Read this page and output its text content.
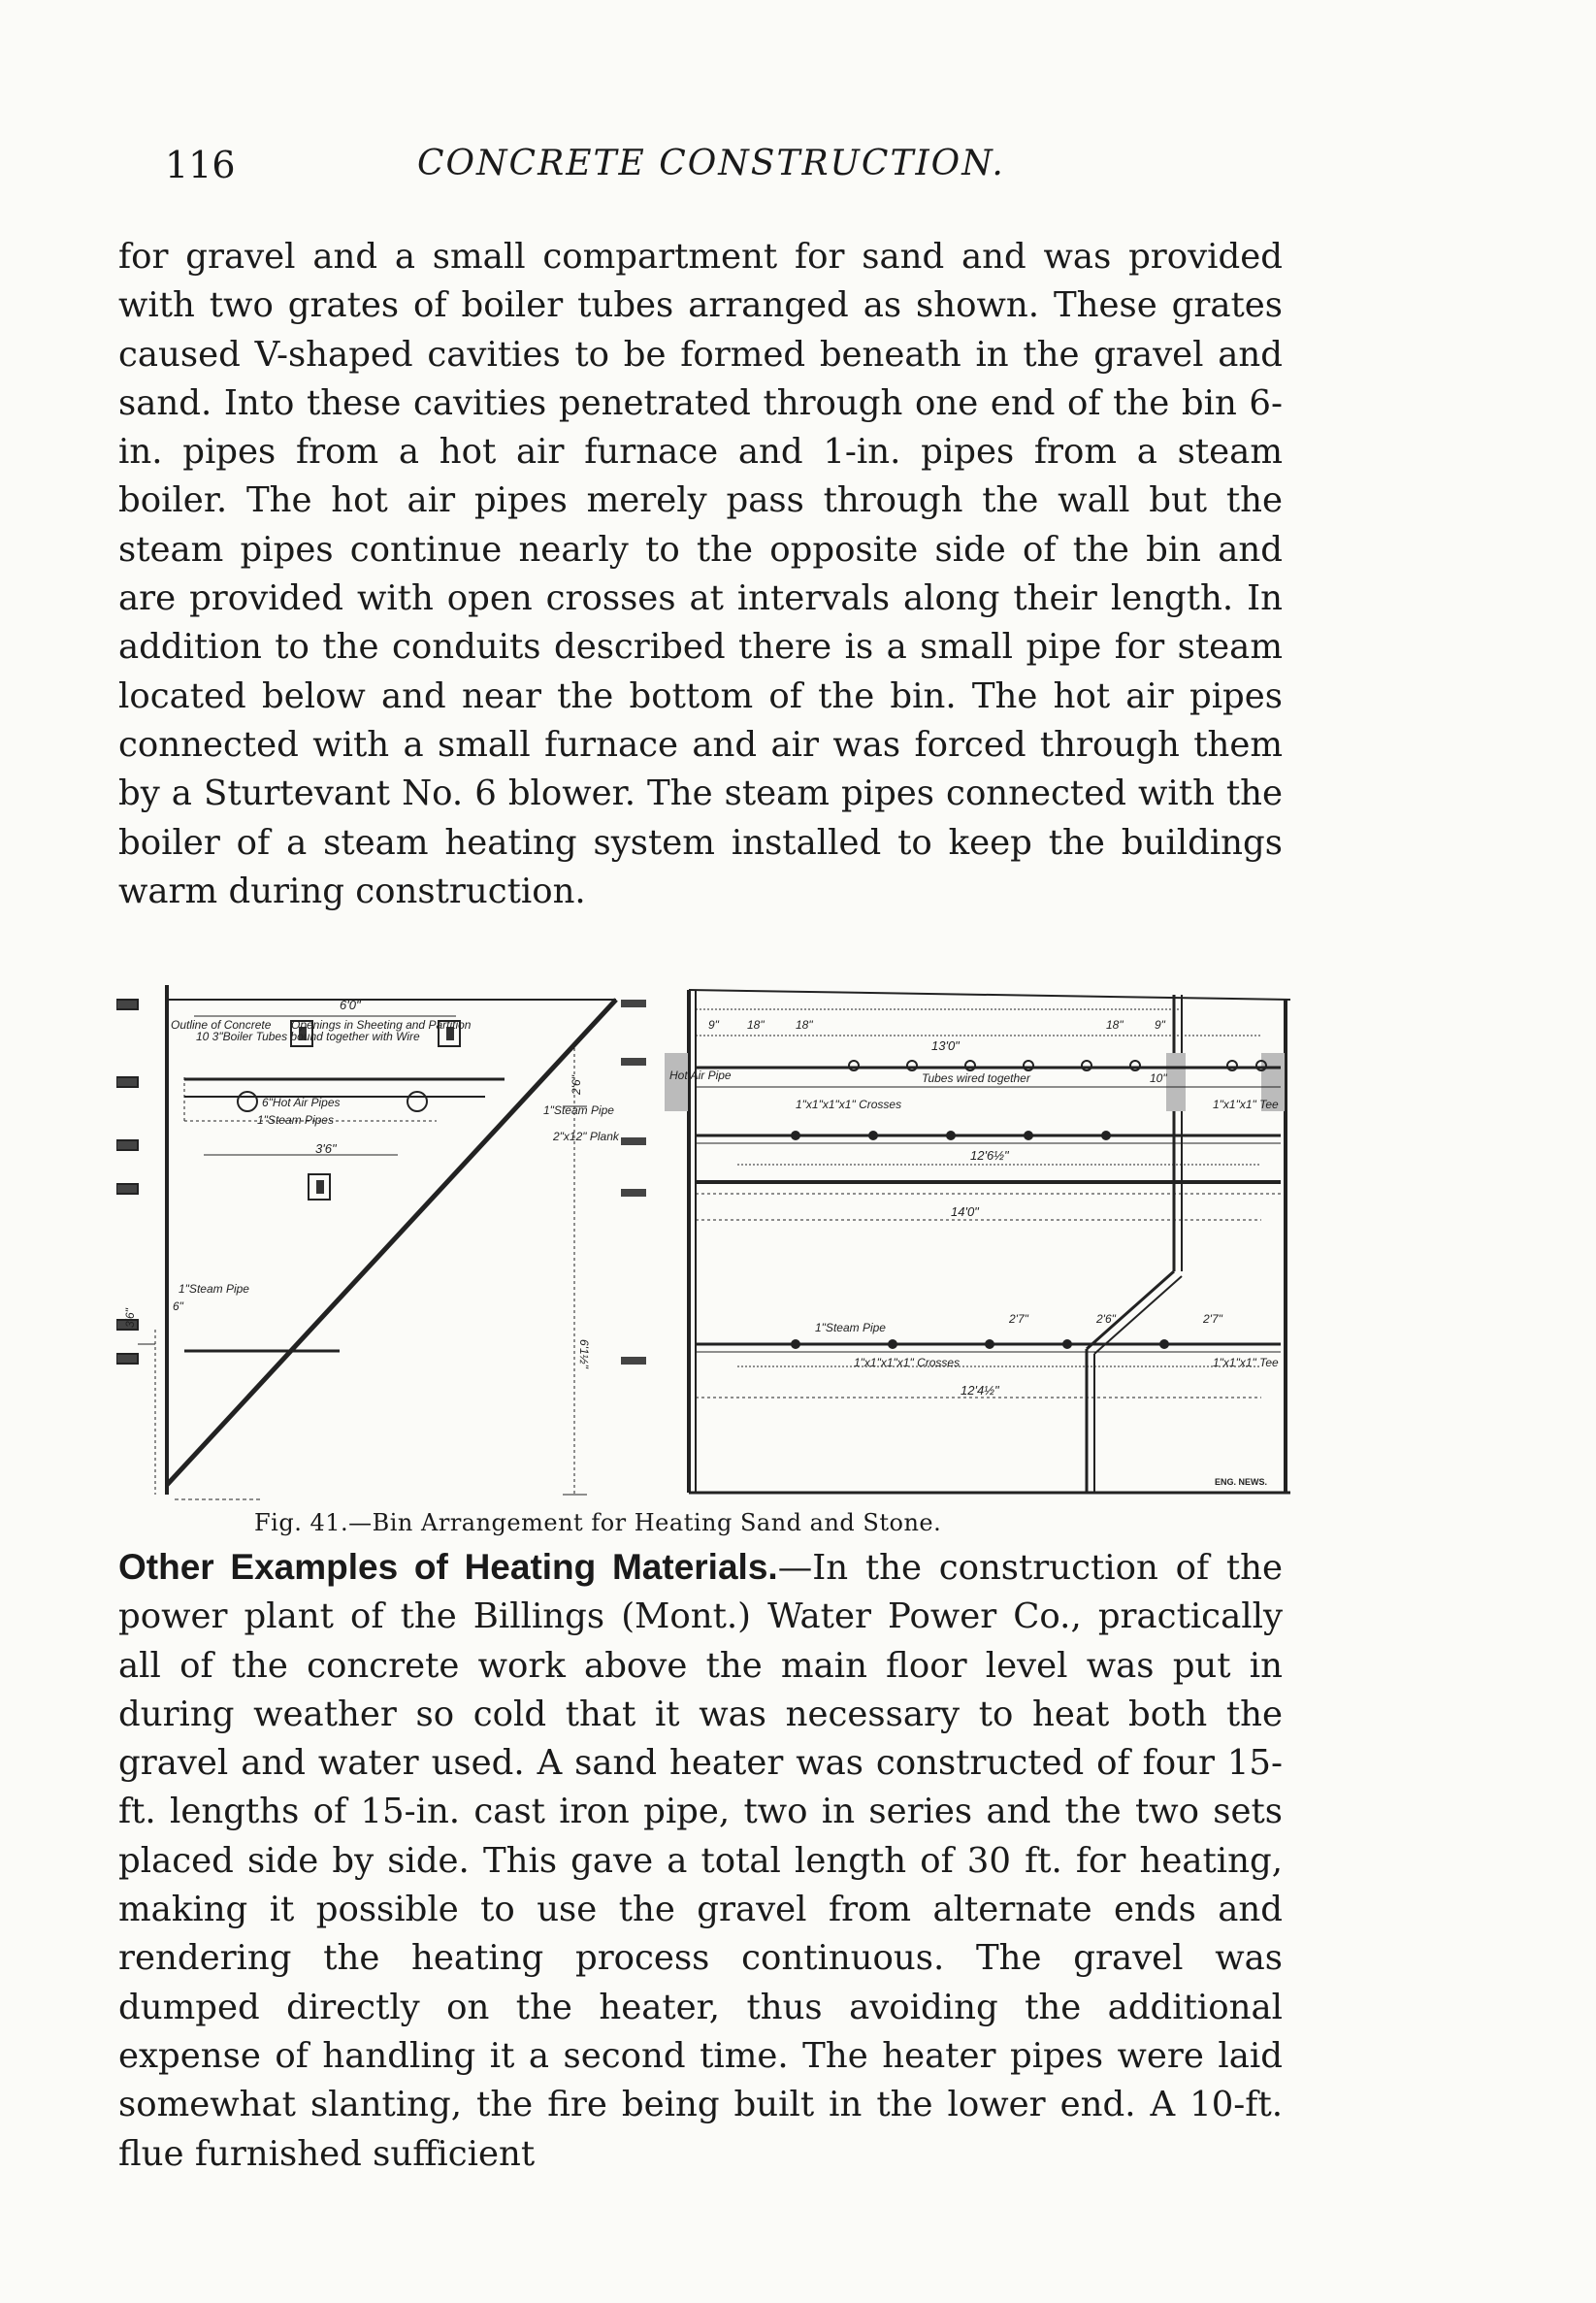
116	CONCRETE CONSTRUCTION.

for gravel and a small compartment for sand and was provided with two grates of boiler tubes arranged as shown. These grates caused V-shaped cavities to be formed beneath in the gravel and sand. Into these cavities penetrated through one end of the bin 6-in. pipes from a hot air furnace and 1-in. pipes from a steam boiler. The hot air pipes merely pass through the wall but the steam pipes continue nearly to the opposite side of the bin and are provided with open crosses at intervals along their length. In addition to the conduits described there is a small pipe for steam located below and near the bottom of the bin. The hot air pipes connected with a small furnace and air was forced through them by a Sturtevant No. 6 blower. The steam pipes connected with the boiler of a steam heating system installed to keep the buildings warm during construction.

6'0"
Outline of Concrete Openings in Sheeting and Partition
10 3"Boiler Tubes bound together with Wire
6"Hot Air Pipes
1"Steam Pipes
3'6"
1"Steam Pipe
6"
3'6"
2'6"
2"x12" Plank
1"Steam Pipe
6'1½"
9" 18"	18"	18"	9"
13'0"
Hot Air Pipe	Tubes wired together	10"
1"x1"x1"x1" Crosses	1"x1"x1" Tee
12'6½"
14'0"
1"Steam Pipe
2'7"	2'6"	2'7"
1"x1"x1"x1" Crosses	1"x1"x1" Tee
12'4½"
ENG. NEWS.
Fig. 41.—Bin Arrangement for Heating Sand and Stone.

Other Examples of Heating Materials.—In the construction of the power plant of the Billings (Mont.) Water Power Co., practically all of the concrete work above the main floor level was put in during weather so cold that it was necessary to heat both the gravel and water used. A sand heater was constructed of four 15-ft. lengths of 15-in. cast iron pipe, two in series and the two sets placed side by side. This gave a total length of 30 ft. for heating, making it possible to use the gravel from alternate ends and rendering the heating process continuous. The gravel was dumped directly on the heater, thus avoiding the additional expense of handling it a second time. The heater pipes were laid somewhat slanting, the fire being built in the lower end. A 10-ft. flue furnished sufficient
